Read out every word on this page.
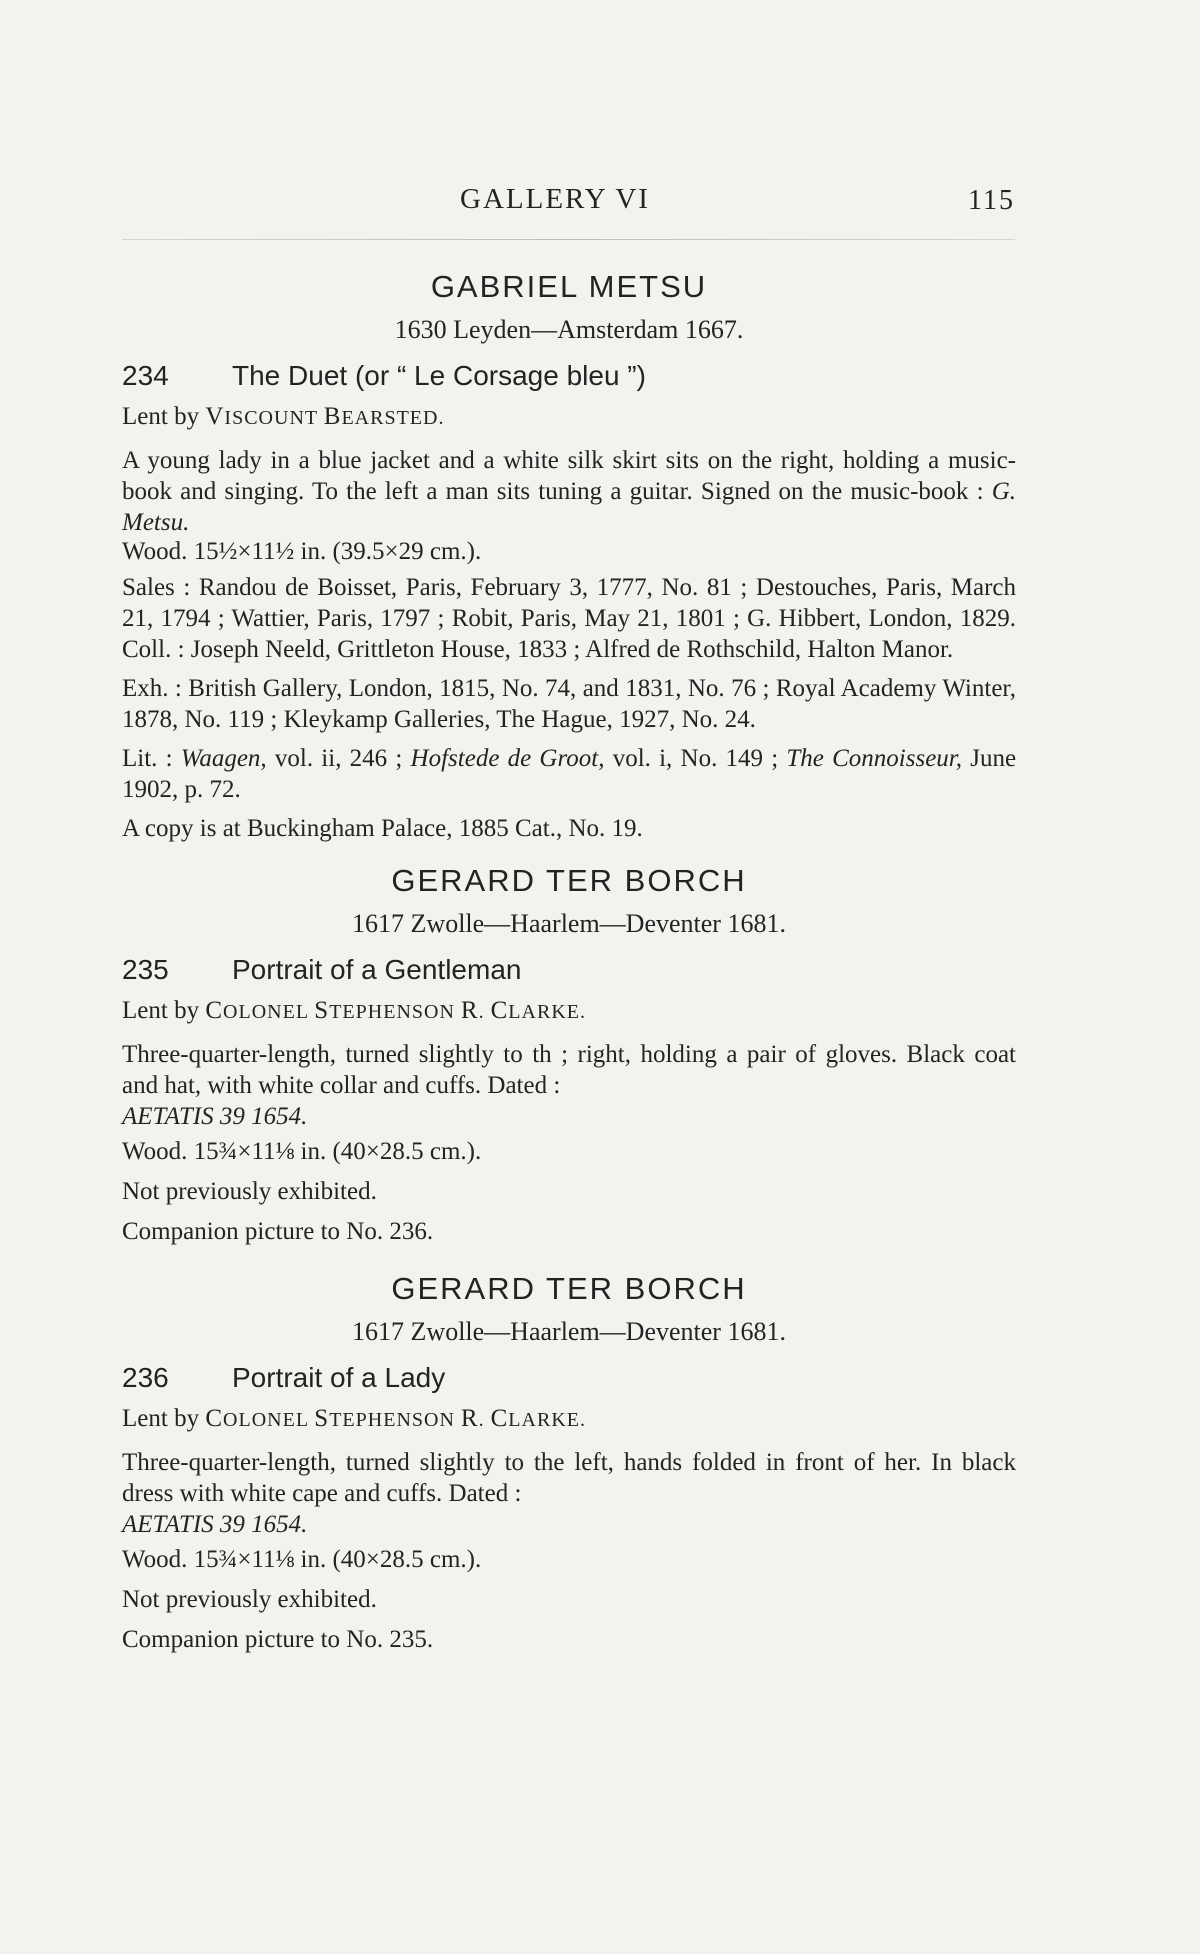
GALLERY VI	115
GABRIEL METSU
1630 Leyden—Amsterdam 1667.
234	The Duet (or “ Le Corsage bleu ”)
Lent by VISCOUNT BEARSTED.

A young lady in a blue jacket and a white silk skirt sits on the right, holding a music-book and singing. To the left a man sits tuning a guitar. Signed on the music-book : G. Metsu.

Wood. 15½×11½ in. (39.5×29 cm.).

Sales : Randou de Boisset, Paris, February 3, 1777, No. 81 ; Destouches, Paris, March 21, 1794 ; Wattier, Paris, 1797 ; Robit, Paris, May 21, 1801 ; G. Hibbert, London, 1829. Coll. : Joseph Neeld, Grittleton House, 1833 ; Alfred de Rothschild, Halton Manor.

Exh. : British Gallery, London, 1815, No. 74, and 1831, No. 76 ; Royal Academy Winter, 1878, No. 119 ; Kleykamp Galleries, The Hague, 1927, No. 24.

Lit. : Waagen, vol. ii, 246 ; Hofstede de Groot, vol. i, No. 149 ; The Connoisseur, June 1902, p. 72.

A copy is at Buckingham Palace, 1885 Cat., No. 19.

GERARD TER BORCH
1617 Zwolle—Haarlem—Deventer 1681.
235	Portrait of a Gentleman
Lent by COLONEL STEPHENSON R. CLARKE.

Three-quarter-length, turned slightly to th ; right, holding a pair of gloves. Black coat and hat, with white collar and cuffs. Dated :
AETATIS 39 1654.

Wood. 15¾×11⅛ in. (40×28.5 cm.).
Not previously exhibited.
Companion picture to No. 236.
GERARD TER BORCH
1617 Zwolle—Haarlem—Deventer 1681.
236	Portrait of a Lady
Lent by COLONEL STEPHENSON R. CLARKE.

Three-quarter-length, turned slightly to the left, hands folded in front of her. In black dress with white cape and cuffs. Dated :
AETATIS 39 1654.

Wood. 15¾×11⅛ in. (40×28.5 cm.).
Not previously exhibited.
Companion picture to No. 235.
